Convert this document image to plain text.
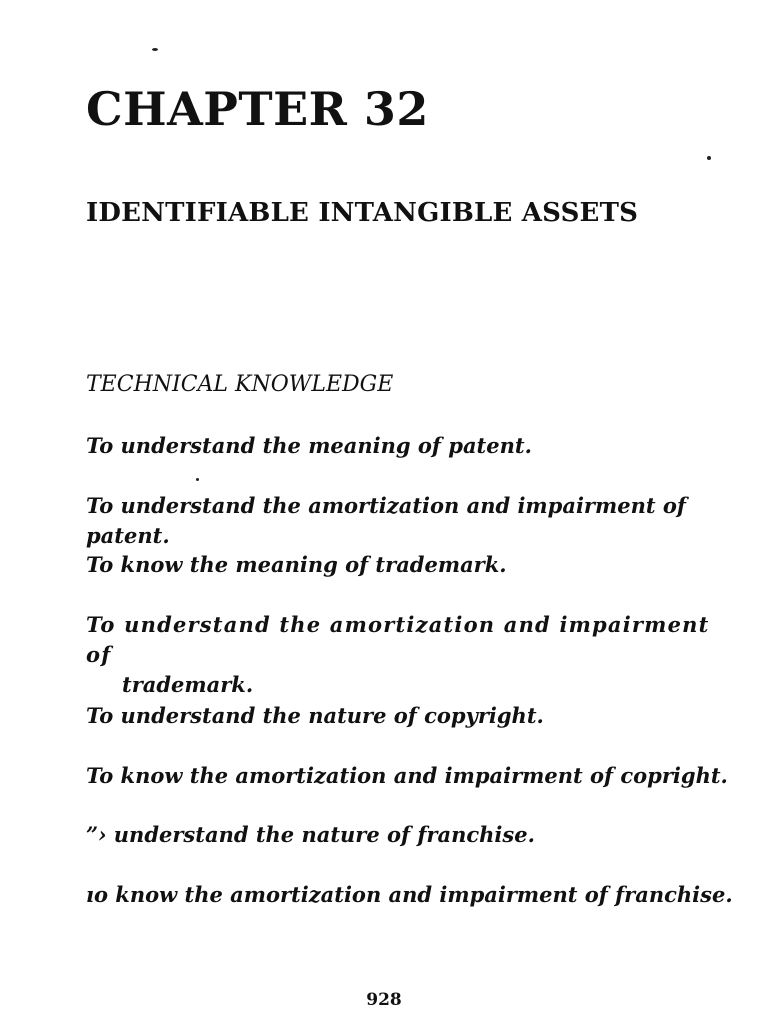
CHAPTER 32
IDENTIFIABLE INTANGIBLE ASSETS
TECHNICAL KNOWLEDGE
To understand the meaning of patent.
To understand the amortization and impairment of patent.
To know the meaning of trademark.
To understand the amortization and impairment of
trademark.
To understand the nature of copyright.
To know the amortization and impairment of copright.
”› understand the nature of franchise.
ıo know the amortization and impairment of franchise.
928
